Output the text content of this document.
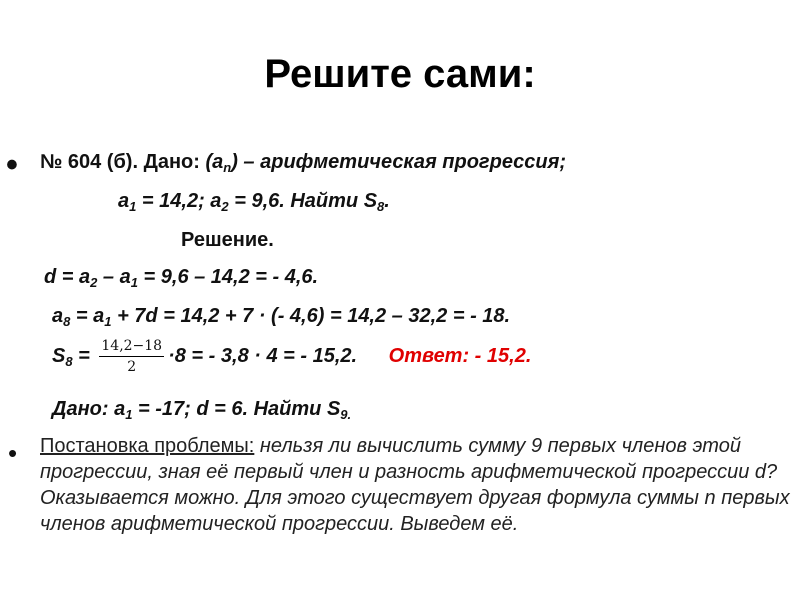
Решите сами:
• № 604 (б). Дано: $(a_n)$ – арифметическая прогрессия;
$a_1 = 14,2$; $a_2 = 9,6$. Найти $S_8$.
Решение.
$d = a_2 - a_1 = 9,6 - 14,2$ = - 4,6.
$a_8 = a_1 + 7d = 14,2 + 7$ · (- 4,6) = 14,2 – 32,2 = - 18.
$S_8 = \frac{14,2-18}{2} \cdot 8$ = - 3,8 · 4 = - 15,2. Ответ: - 15,2.
Дано: $a_1 = -17$; d = 6. Найти $S_{9.}$
• Постановка проблемы: нельзя ли вычислить сумму 9 первых членов этой прогрессии, зная её первый член и разность арифметической прогрессии d? Оказывается можно. Для этого существует другая формула суммы n первых членов арифметической прогрессии. Выведем её.
